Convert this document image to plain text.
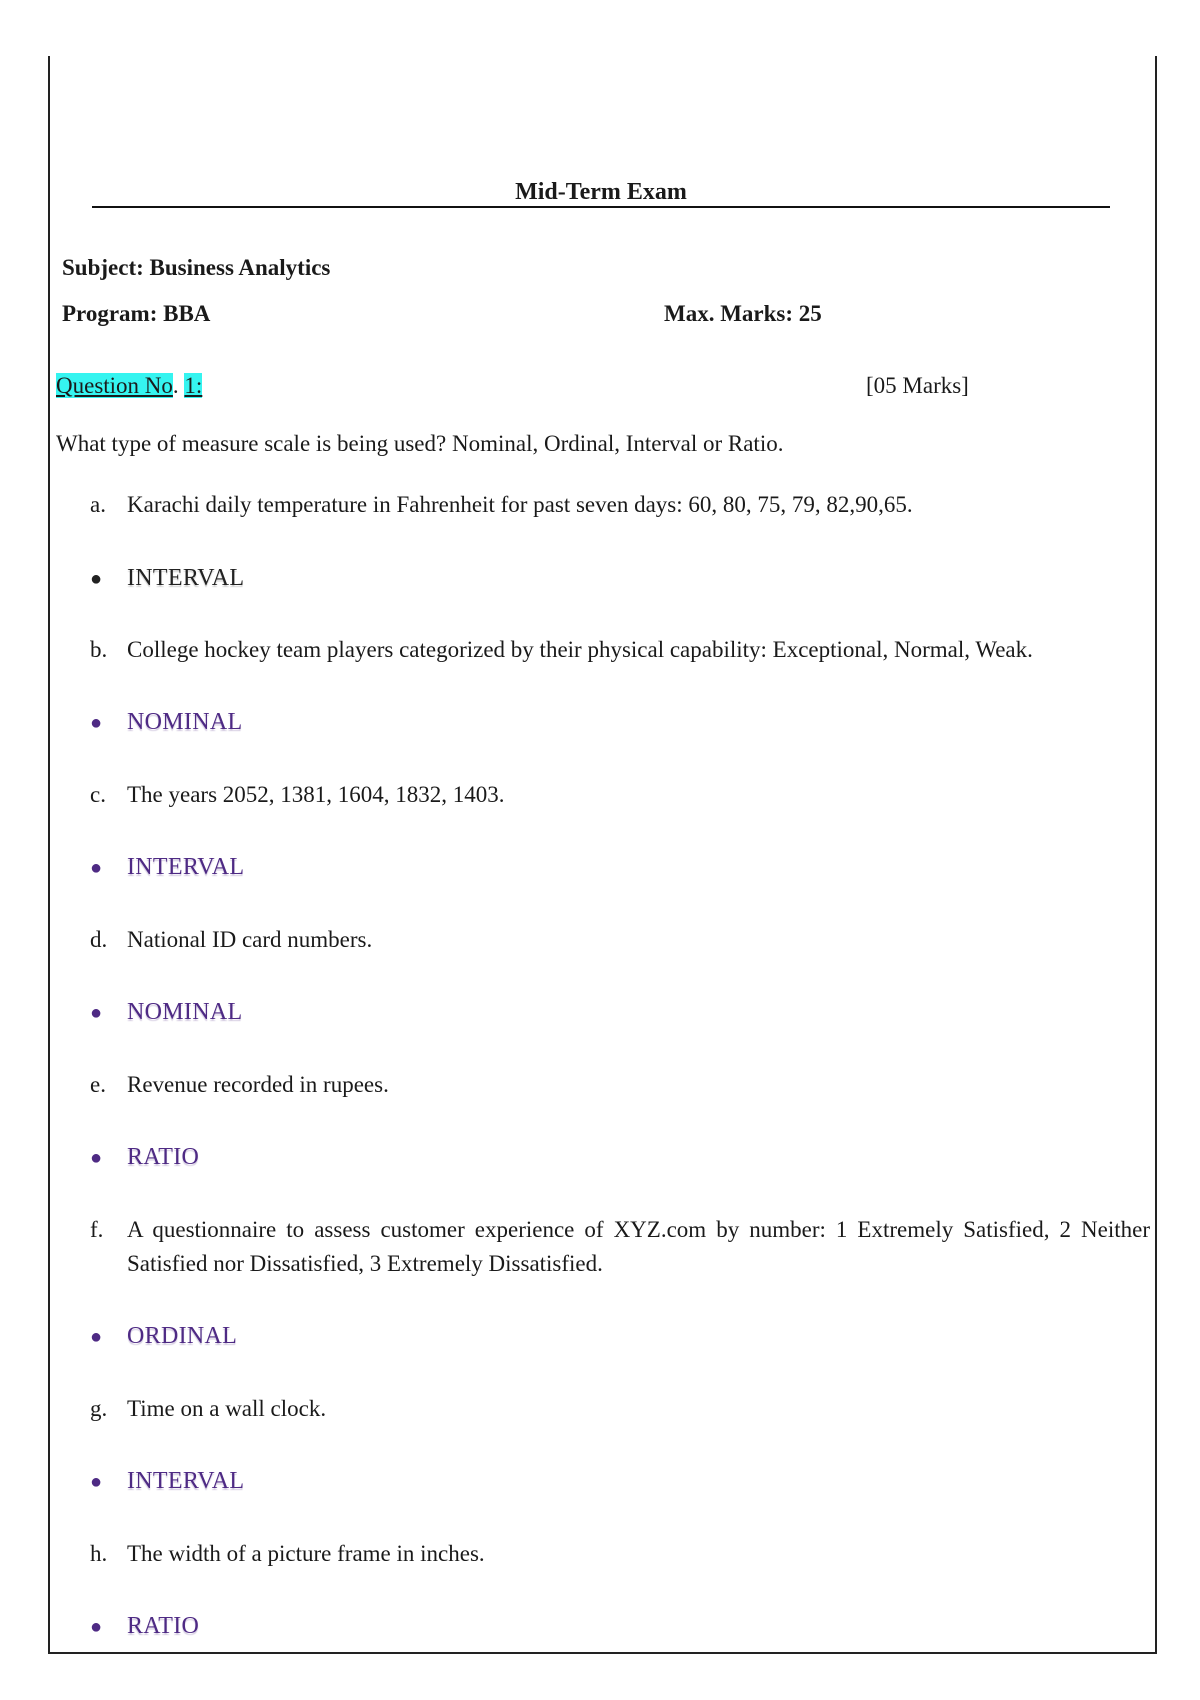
Mid-Term Exam
Subject: Business Analytics
Program: BBA	Max. Marks: 25
Question No. 1:	[05 Marks]
What type of measure scale is being used? Nominal, Ordinal, Interval or Ratio.
a. Karachi daily temperature in Fahrenheit for past seven days: 60, 80, 75, 79, 82,90,65.
● INTERVAL
b. College hockey team players categorized by their physical capability: Exceptional, Normal, Weak.
● NOMINAL
c. The years 2052, 1381, 1604, 1832, 1403.
● INTERVAL
d. National ID card numbers.
● NOMINAL
e. Revenue recorded in rupees.
● RATIO
f.	A questionnaire to assess customer experience of XYZ.com by number: 1 Extremely Satisfied, 2 Neither Satisfied nor Dissatisfied, 3 Extremely Dissatisfied.
● ORDINAL
g. Time on a wall clock.
● INTERVAL
h. The width of a picture frame in inches.
● RATIO
